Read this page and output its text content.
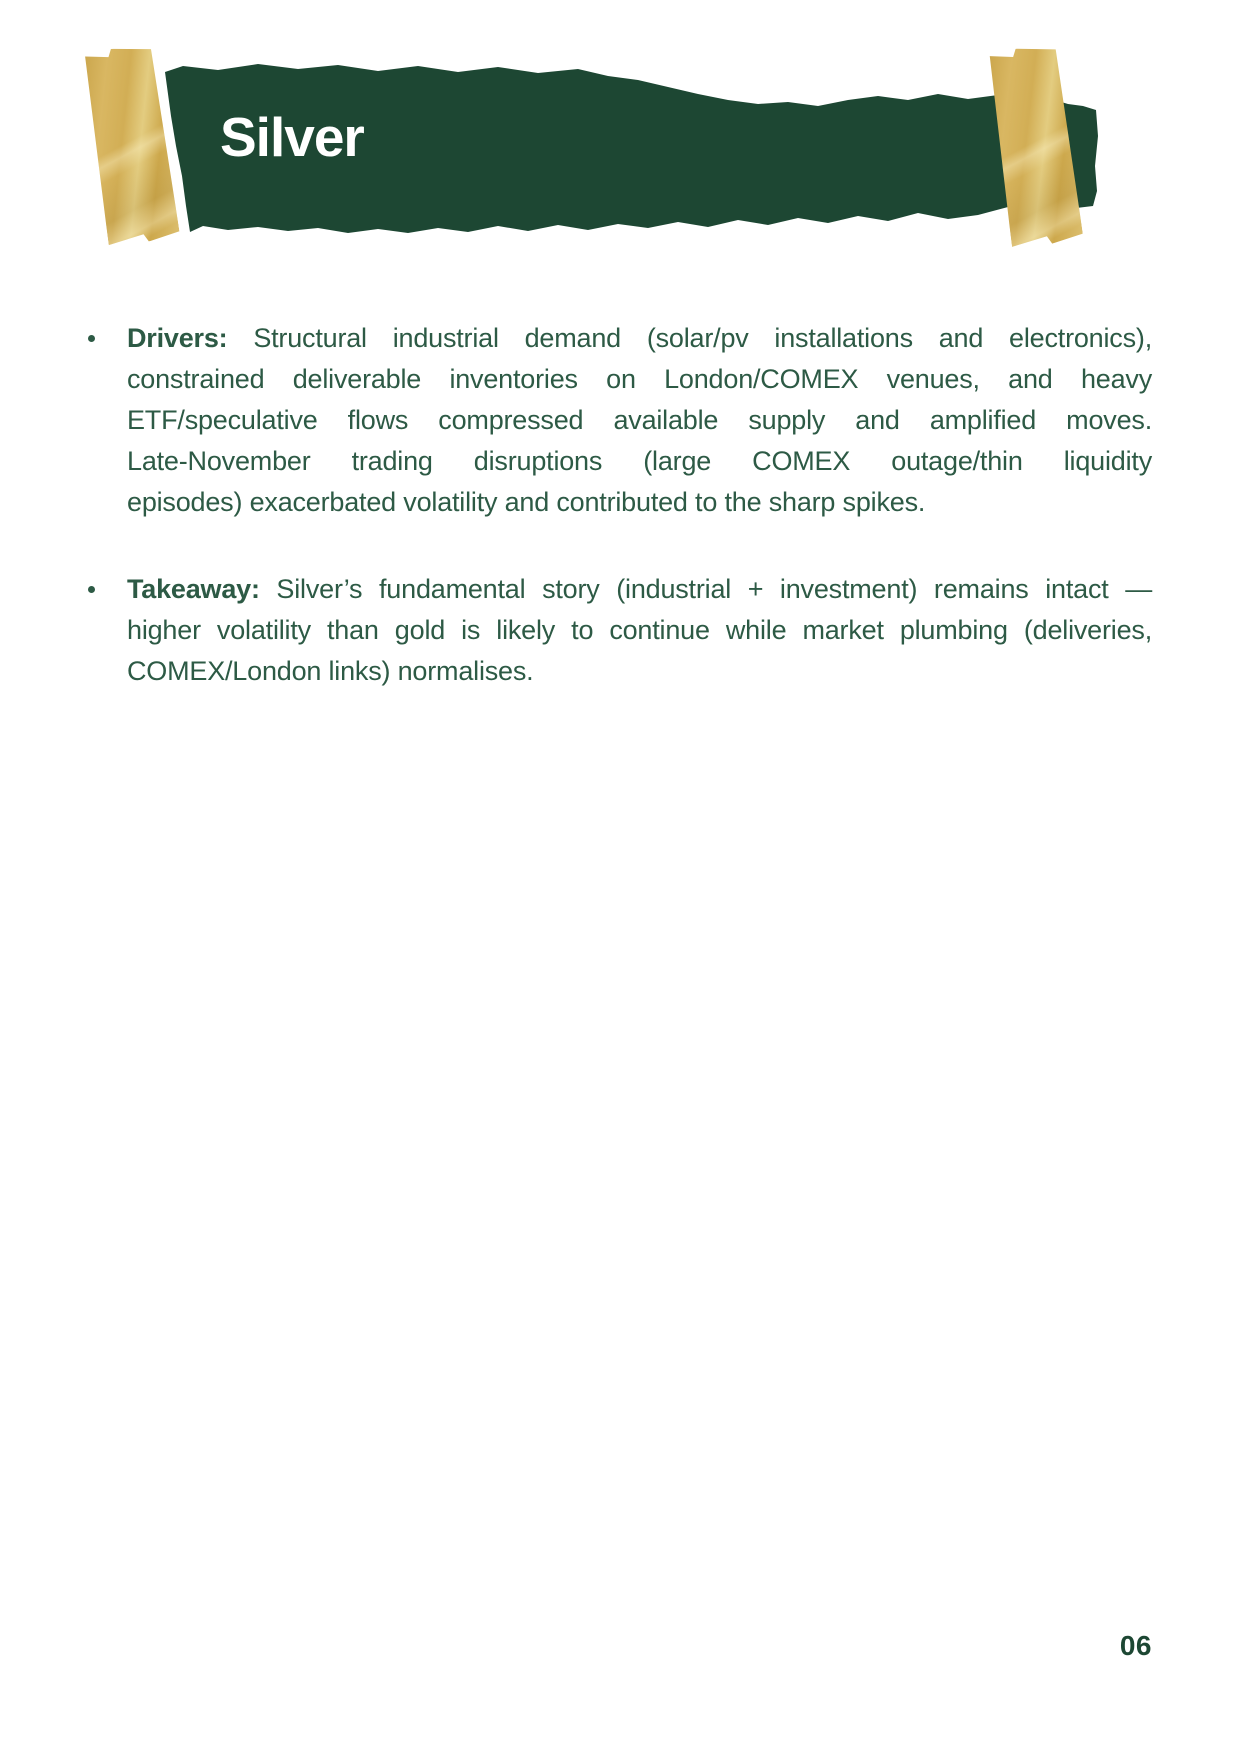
Silver
Drivers: Structural industrial demand (solar/pv installations and electronics),
constrained deliverable inventories on London/COMEX venues, and heavy
ETF/speculative flows compressed available supply and amplified moves.
Late-November trading disruptions (large COMEX outage/thin liquidity
episodes) exacerbated volatility and contributed to the sharp spikes.
Takeaway: Silver’s fundamental story (industrial + investment) remains intact —
higher volatility than gold is likely to continue while market plumbing (deliveries,
COMEX/London links) normalises.
06
